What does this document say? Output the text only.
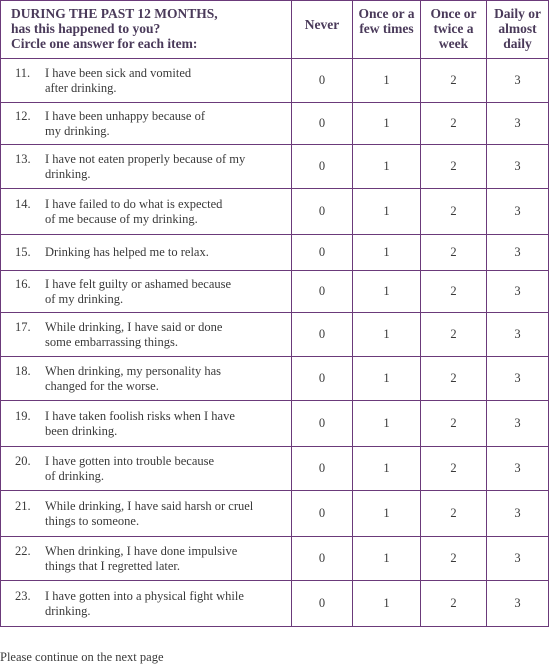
DURING THE PAST 12 MONTHS,
has this happened to you?
Circle one answer for each item:	Never	Once or a
few times	Once or
twice a
week	Daily or
almost
daily

11. I have been sick and vomited
after drinking.	0	1	2	3

12. I have been unhappy because of
my drinking.	0	1	2	3

13. I have not eaten properly because of my
drinking.	0	1	2	3

14. I have failed to do what is expected
of me because of my drinking.	0	1	2	3

15. Drinking has helped me to relax.	0	1	2	3

16. I have felt guilty or ashamed because
of my drinking.	0	1	2	3

17. While drinking, I have said or done
some embarrassing things.	0	1	2	3

18. When drinking, my personality has
changed for the worse.	0	1	2	3

19. I have taken foolish risks when I have
been drinking.	0	1	2	3

20. I have gotten into trouble because
of drinking.	0	1	2	3

21. While drinking, I have said harsh or cruel
things to someone.	0	1	2	3

22. When drinking, I have done impulsive
things that I regretted later.	0	1	2	3

23. I have gotten into a physical fight while
drinking.	0	1	2	3
Please continue on the next page
